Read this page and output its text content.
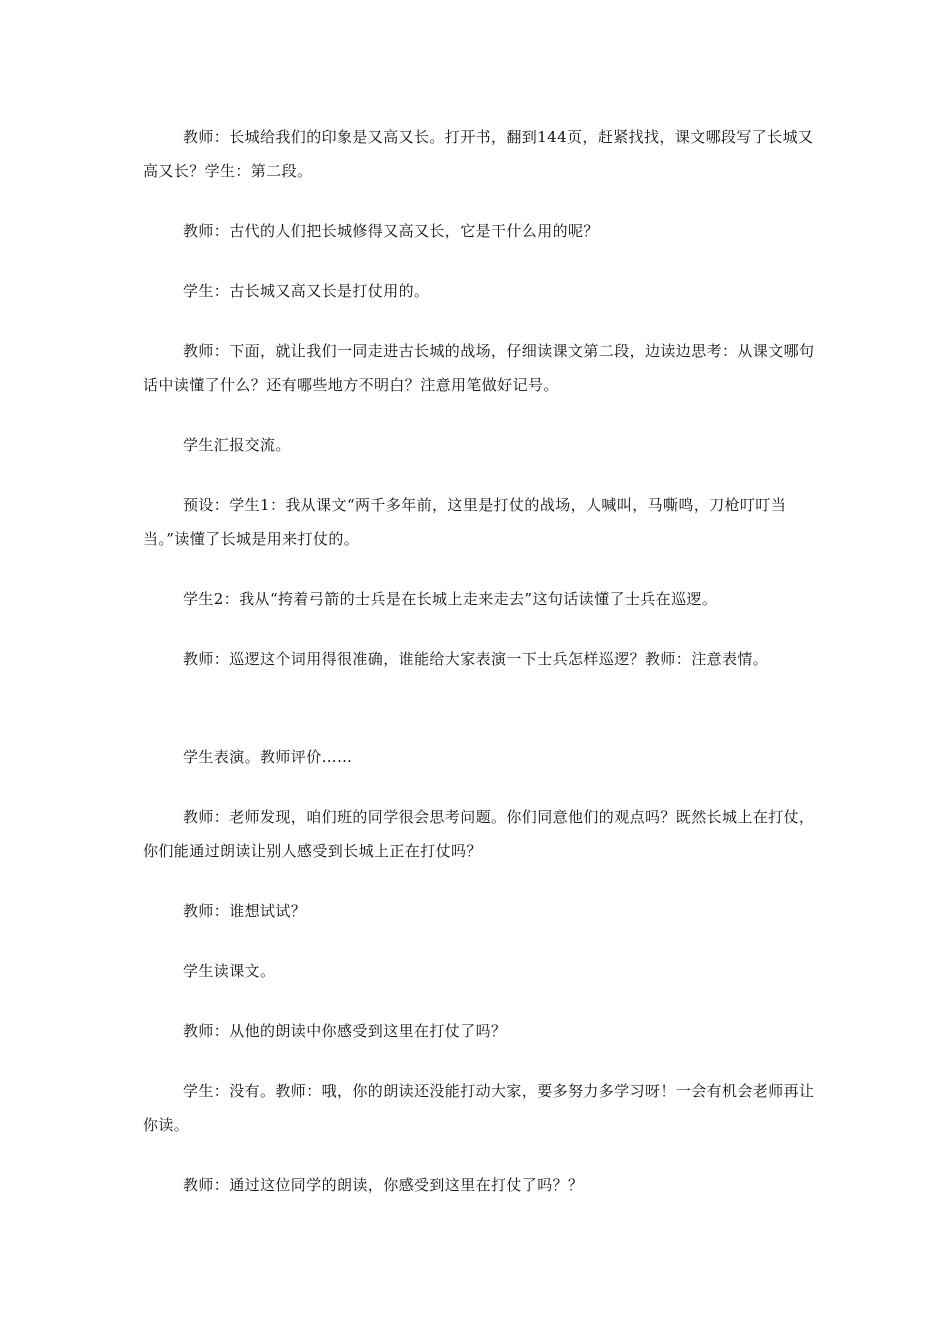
教师：长城给我们的印象是又高又长。打开书，翻到144页，赶紧找找，课文哪段写了长城又高又长？学生：第二段。

教师：古代的人们把长城修得又高又长，它是干什么用的呢？

学生：古长城又高又长是打仗用的。

教师：下面，就让我们一同走进古长城的战场，仔细读课文第二段，边读边思考：从课文哪句话中读懂了什么？还有哪些地方不明白？注意用笔做好记号。

学生汇报交流。

预设：学生1：我从课文“两千多年前，这里是打仗的战场，人喊叫，马嘶鸣，刀枪叮叮当当。”读懂了长城是用来打仗的。

学生2：我从“挎着弓箭的士兵是在长城上走来走去”这句话读懂了士兵在巡逻。

教师：巡逻这个词用得很准确，谁能给大家表演一下士兵怎样巡逻？教师：注意表情。

学生表演。教师评价……

教师：老师发现，咱们班的同学很会思考问题。你们同意他们的观点吗？既然长城上在打仗，你们能通过朗读让别人感受到长城上正在打仗吗？

教师：谁想试试？

学生读课文。

教师：从他的朗读中你感受到这里在打仗了吗？

学生：没有。教师：哦，你的朗读还没能打动大家，要多努力多学习呀！一会有机会老师再让你读。

教师：通过这位同学的朗读，你感受到这里在打仗了吗？？
